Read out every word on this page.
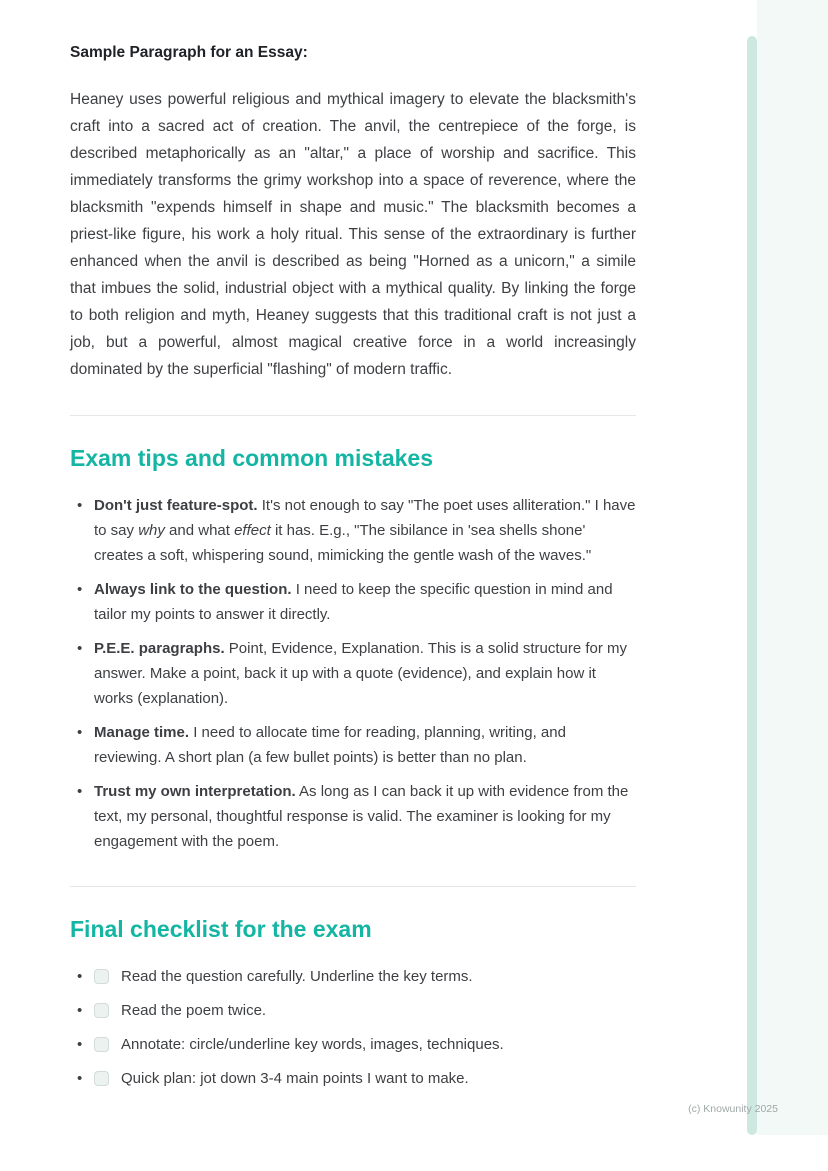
(c) Knowunity 2025
Sample Paragraph for an Essay:

Heaney uses powerful religious and mythical imagery to elevate the blacksmith's craft into a sacred act of creation. The anvil, the centrepiece of the forge, is described metaphorically as an "altar," a place of worship and sacrifice. This immediately transforms the grimy workshop into a space of reverence, where the blacksmith "expends himself in shape and music." The blacksmith becomes a priest-like figure, his work a holy ritual. This sense of the extraordinary is further enhanced when the anvil is described as being "Horned as a unicorn," a simile that imbues the solid, industrial object with a mythical quality. By linking the forge to both religion and myth, Heaney suggests that this traditional craft is not just a job, but a powerful, almost magical creative force in a world increasingly dominated by the superficial "flashing" of modern traffic.

Exam tips and common mistakes
•
Don't just feature-spot. It's not enough to say "The poet uses alliteration." I have to say why and what effect it has. E.g., "The sibilance in 'sea shells shone' creates a soft, whispering sound, mimicking the gentle wash of the waves."
•
Always link to the question. I need to keep the specific question in mind and tailor my points to answer it directly.
•
P.E.E. paragraphs. Point, Evidence, Explanation. This is a solid structure for my answer. Make a point, back it up with a quote (evidence), and explain how it works (explanation).
•
Manage time. I need to allocate time for reading, planning, writing, and reviewing. A short plan (a few bullet points) is better than no plan.
•
Trust my own interpretation. As long as I can back it up with evidence from the text, my personal, thoughtful response is valid. The examiner is looking for my engagement with the poem.
Final checklist for the exam
•
Read the question carefully. Underline the key terms.
•
Read the poem twice.
•
Annotate: circle/underline key words, images, techniques.
•
Quick plan: jot down 3-4 main points I want to make.
